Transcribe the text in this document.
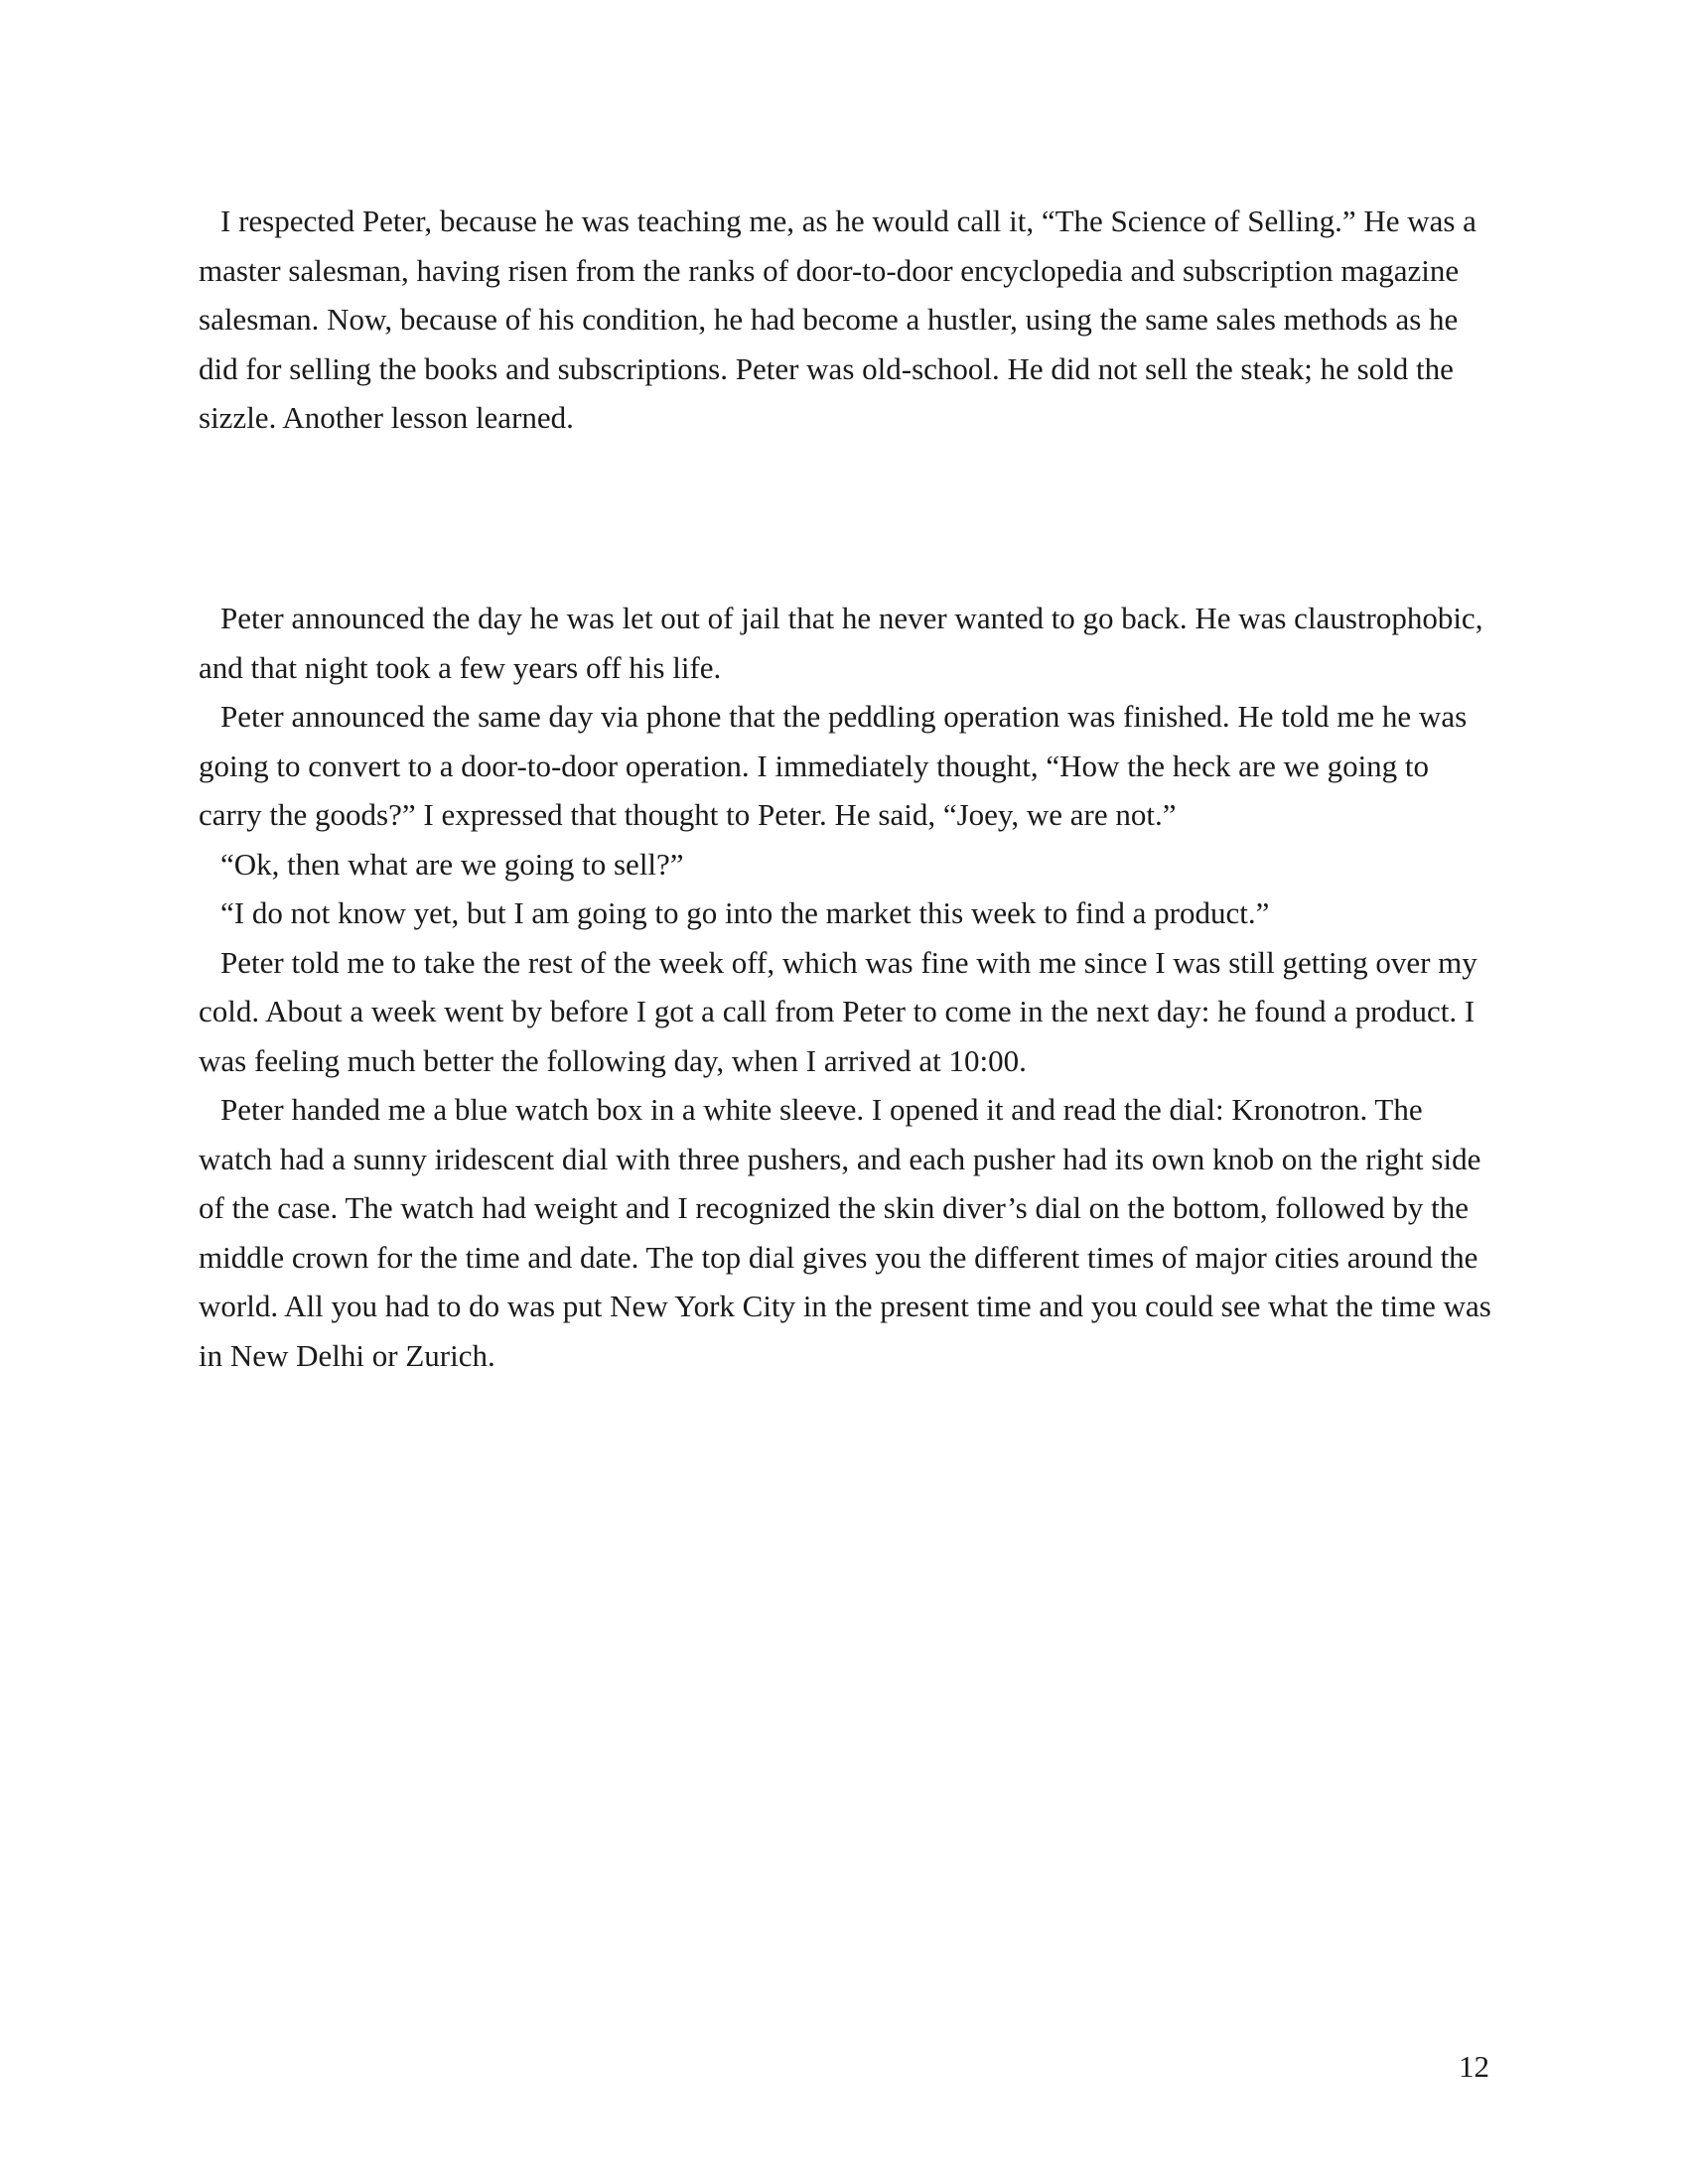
I respected Peter, because he was teaching me, as he would call it, “The Science of Selling.” He was a master salesman, having risen from the ranks of door-to-door encyclopedia and subscription magazine salesman. Now, because of his condition, he had become a hustler, using the same sales methods as he did for selling the books and subscriptions. Peter was old-school. He did not sell the steak; he sold the sizzle. Another lesson learned.

Peter announced the day he was let out of jail that he never wanted to go back. He was claustrophobic, and that night took a few years off his life.

Peter announced the same day via phone that the peddling operation was finished. He told me he was going to convert to a door-to-door operation. I immediately thought, “How the heck are we going to carry the goods?” I expressed that thought to Peter. He said, “Joey, we are not.”

“Ok, then what are we going to sell?”

“I do not know yet, but I am going to go into the market this week to find a product.”

Peter told me to take the rest of the week off, which was fine with me since I was still getting over my cold. About a week went by before I got a call from Peter to come in the next day: he found a product. I was feeling much better the following day, when I arrived at 10:00.

Peter handed me a blue watch box in a white sleeve. I opened it and read the dial: Kronotron. The watch had a sunny iridescent dial with three pushers, and each pusher had its own knob on the right side of the case. The watch had weight and I recognized the skin diver’s dial on the bottom, followed by the middle crown for the time and date. The top dial gives you the different times of major cities around the world. All you had to do was put New York City in the present time and you could see what the time was in New Delhi or Zurich.

12
